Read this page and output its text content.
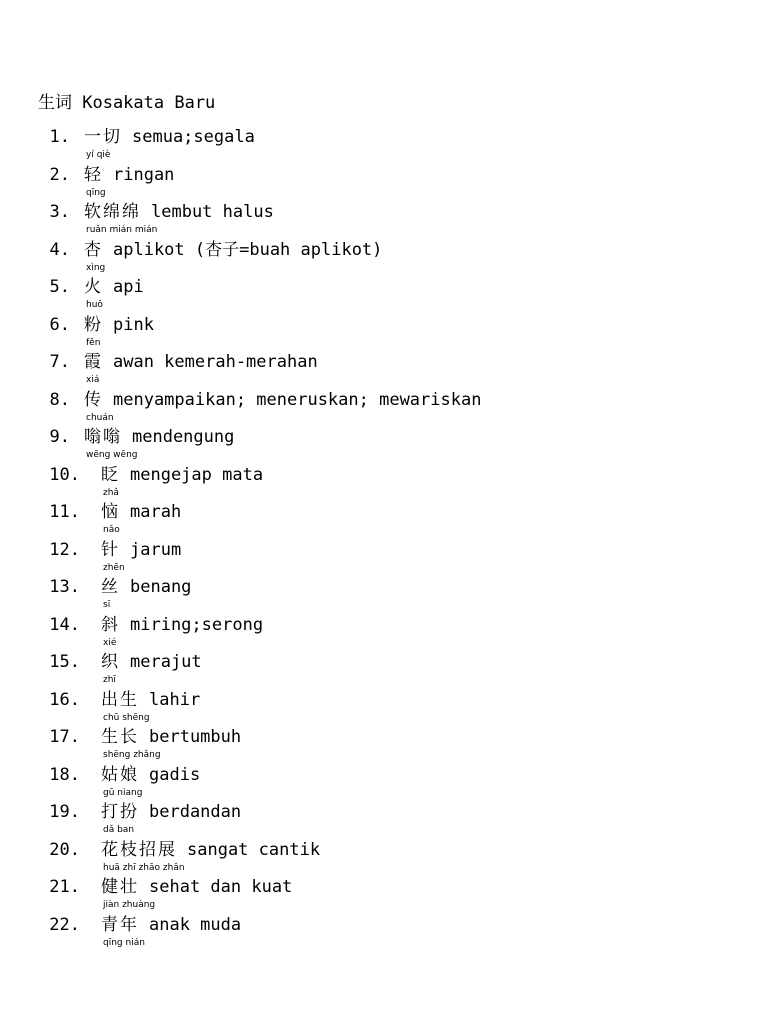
生词 Kosakata Baru
1. 一切 semua;segala
yí qiè
2. 轻 ringan
qīng
3. 软绵绵 lembut halus
ruǎn mián mián
4. 杏 aplikot (杏子=buah aplikot)
xìng
5. 火 api
huǒ
6. 粉 pink
fěn
7. 霞 awan kemerah-merahan
xiá
8. 传 menyampaikan; meneruskan; mewariskan
chuán
9. 嗡嗡 mendengung
wēng wēng
10. 眨 mengejap mata
zhǎ
11. 恼 marah
nǎo
12. 针 jarum
zhēn
13. 丝 benang
sī
14. 斜 miring;serong
xié
15. 织 merajut
zhī
16. 出生 lahir
chū shēng
17. 生长 bertumbuh
shēng zhǎng
18. 姑娘 gadis
gū niang
19. 打扮 berdandan
dǎ ban
20. 花枝招展 sangat cantik
huā zhī zhāo zhǎn
21. 健壮 sehat dan kuat
jiàn zhuàng
22. 青年 anak muda
qīng nián
